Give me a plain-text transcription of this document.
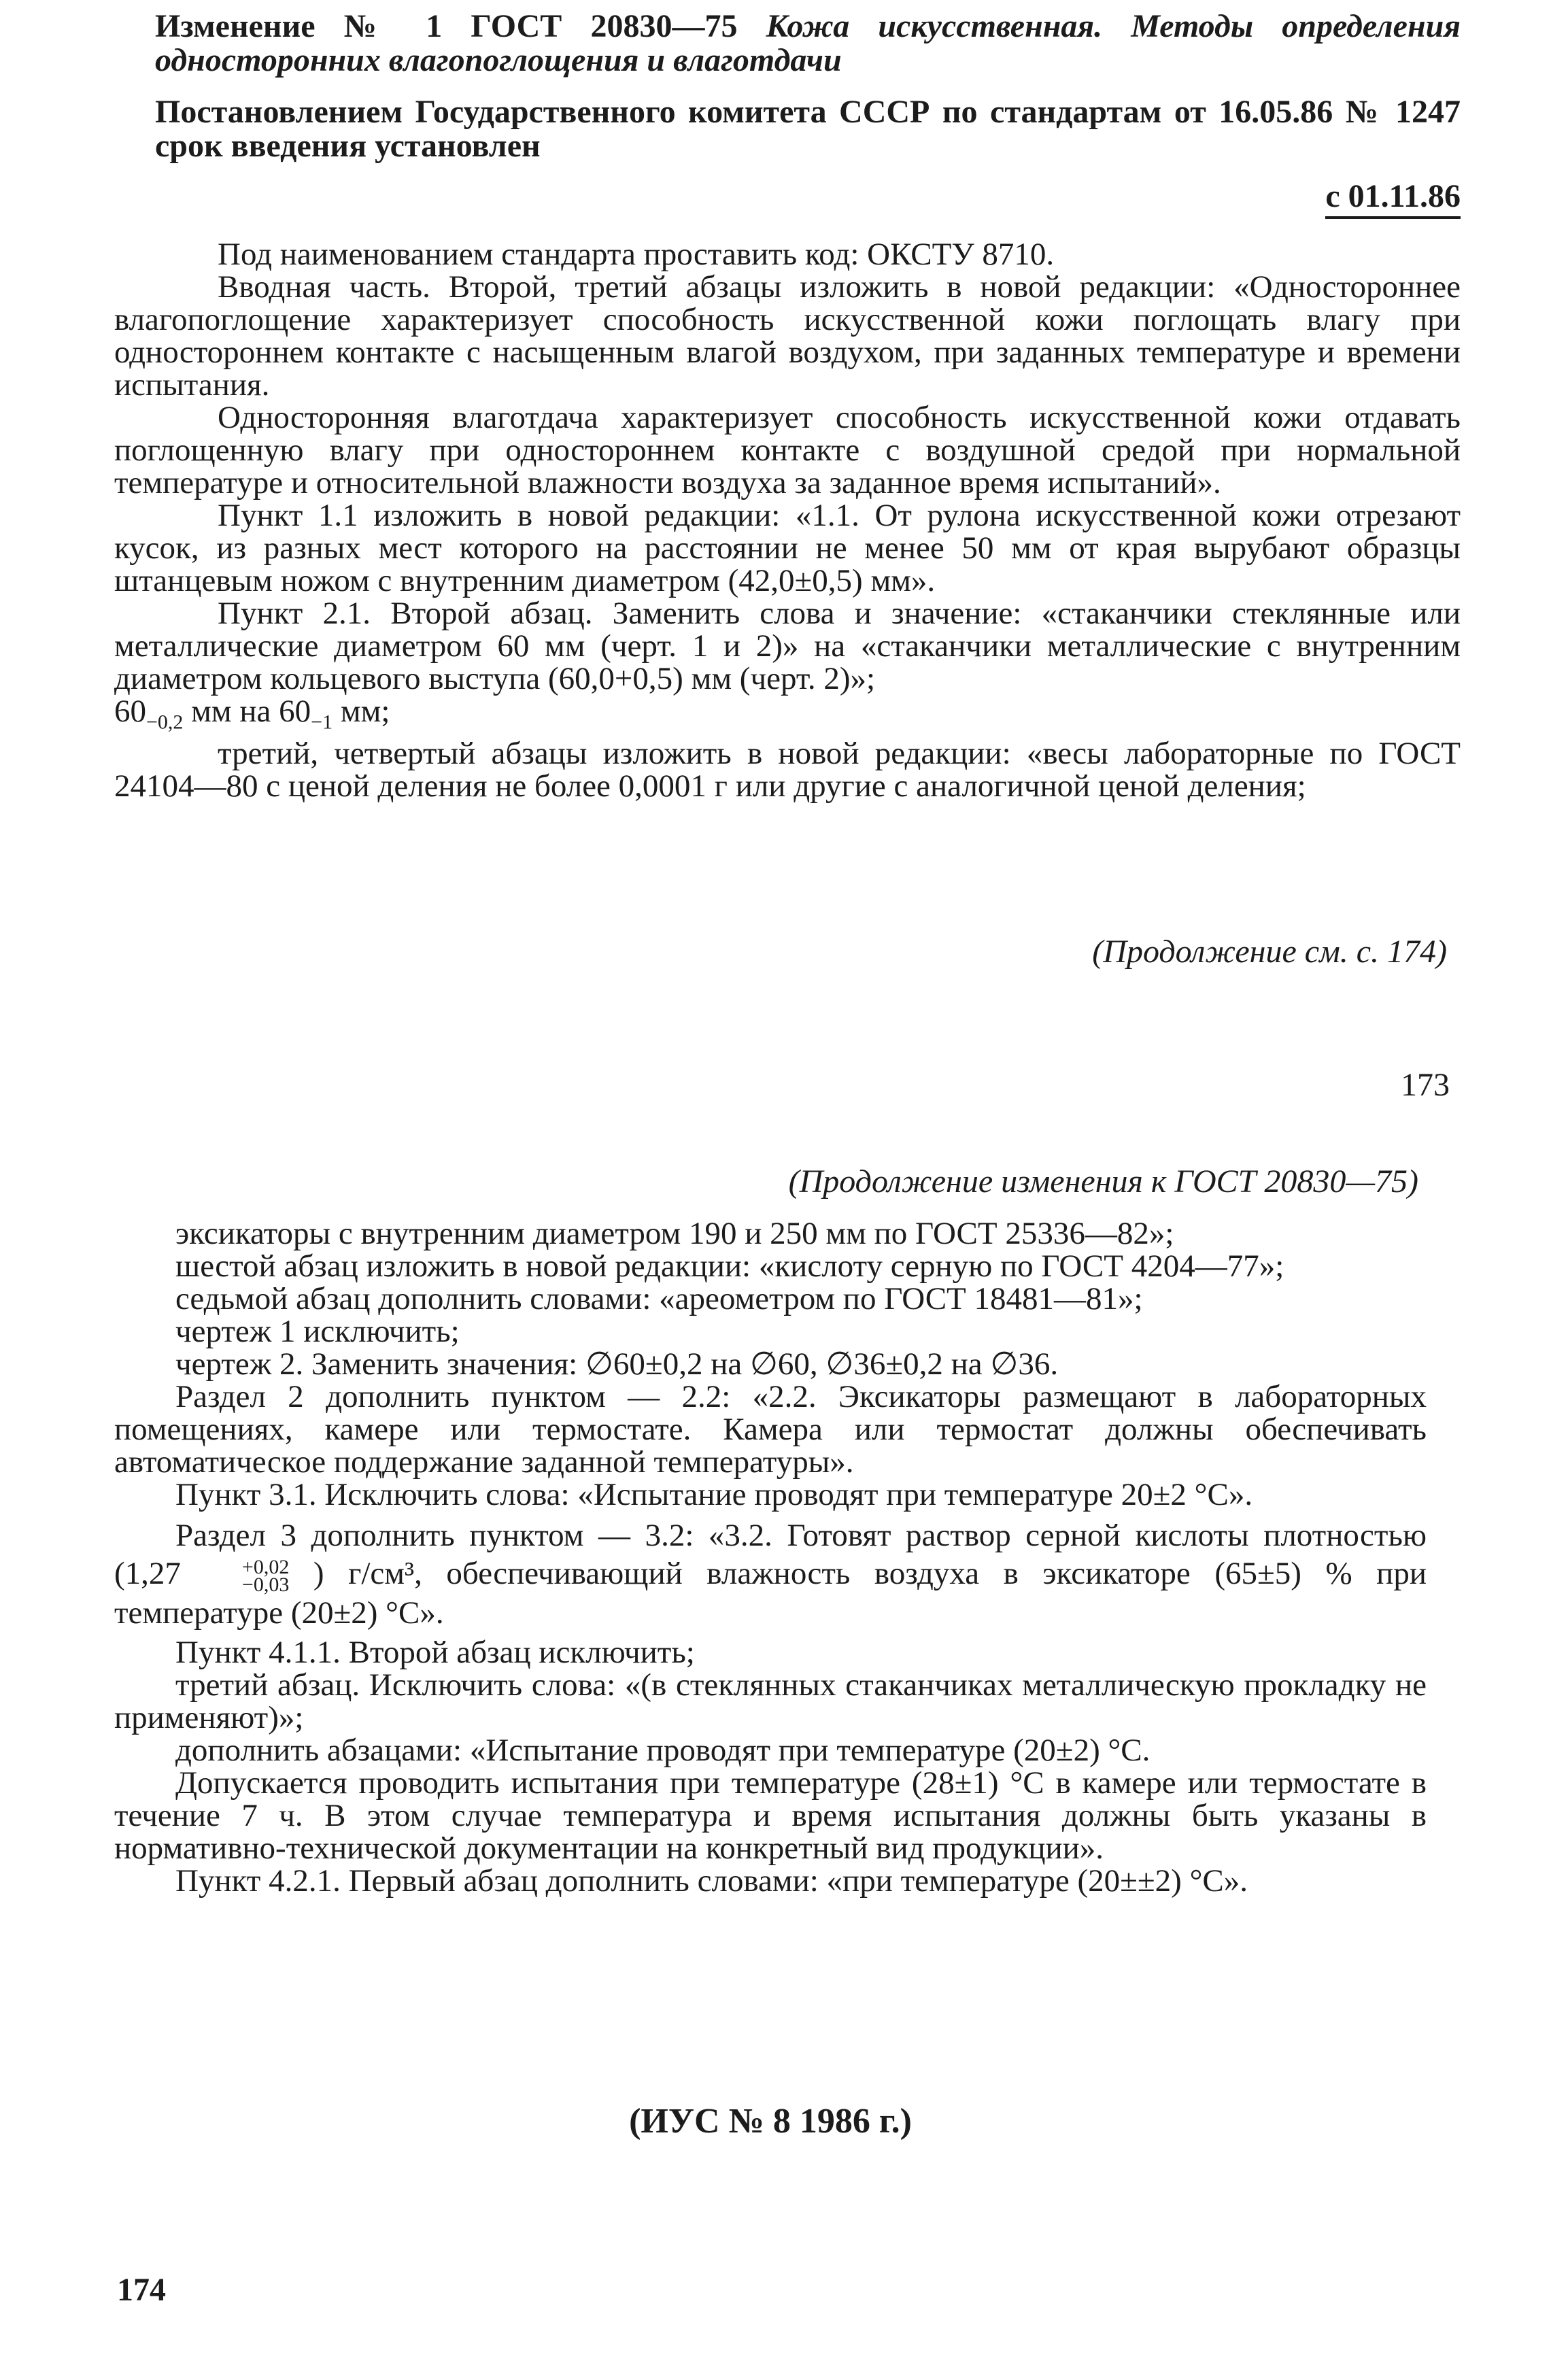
Изменение № 1 ГОСТ 20830—75 Кожа искусственная. Методы определения односторонних влагопоглощения и влаготдачи

Постановлением Государственного комитета СССР по стандартам от 16.05.86 № 1247 срок введения установлен

с 01.11.86

Под наименованием стандарта проставить код: ОКСТУ 8710.

Вводная часть. Второй, третий абзацы изложить в новой редакции: «Одностороннее влагопоглощение характеризует способность искусственной кожи поглощать влагу при одностороннем контакте с насыщенным влагой воздухом, при заданных температуре и времени испытания.

Односторонняя влаготдача характеризует способность искусственной кожи отдавать поглощенную влагу при одностороннем контакте с воздушной средой при нормальной температуре и относительной влажности воздуха за заданное время испытаний».

Пункт 1.1 изложить в новой редакции: «1.1. От рулона искусственной кожи отрезают кусок, из разных мест которого на расстоянии не менее 50 мм от края вырубают образцы штанцевым ножом с внутренним диаметром (42,0±0,5) мм».

Пункт 2.1. Второй абзац. Заменить слова и значение: «стаканчики стеклянные или металлические диаметром 60 мм (черт. 1 и 2)» на «стаканчики металлические с внутренним диаметром кольцевого выступа (60,0+0,5) мм (черт. 2)»;

$60_{-0,2}$ мм на $60_{-1}$ мм;

третий, четвертый абзацы изложить в новой редакции: «весы лабораторные по ГОСТ 24104—80 с ценой деления не более 0,0001 г или другие с аналогичной ценой деления;

(Продолжение см. с. 174)

173

(Продолжение изменения к ГОСТ 20830—75)

эксикаторы с внутренним диаметром 190 и 250 мм по ГОСТ 25336—82»;

шестой абзац изложить в новой редакции: «кислоту серную по ГОСТ 4204—77»;

седьмой абзац дополнить словами: «ареометром по ГОСТ 18481—81»;

чертеж 1 исключить;

чертеж 2. Заменить значения: ∅60±0,2 на ∅60, ∅36±0,2 на ∅36.

Раздел 2 дополнить пунктом — 2.2: «2.2. Эксикаторы размещают в лабораторных помещениях, камере или термостате. Камера или термостат должны обеспечивать автоматическое поддержание заданной температуры».

Пункт 3.1. Исключить слова: «Испытание проводят при температуре 20±2 °С».

Раздел 3 дополнить пунктом — 3.2: «3.2. Готовят раствор серной кислоты плотностью (1,27	+0,02
−0,03 ) г/см³, обеспечивающий влажность воздуха в эксикаторе (65±5) % при температуре (20±2) °С».

Пункт 4.1.1. Второй абзац исключить;

третий абзац. Исключить слова: «(в стеклянных стаканчиках металлическую прокладку не применяют)»;

дополнить абзацами: «Испытание проводят при температуре (20±2) °С.

Допускается проводить испытания при температуре (28±1) °С в камере или термостате в течение 7 ч. В этом случае температура и время испытания должны быть указаны в нормативно-технической документации на конкретный вид продукции».

Пункт 4.2.1. Первый абзац дополнить словами: «при температуре (20±±2) °С».

(ИУС № 8 1986 г.)

174
